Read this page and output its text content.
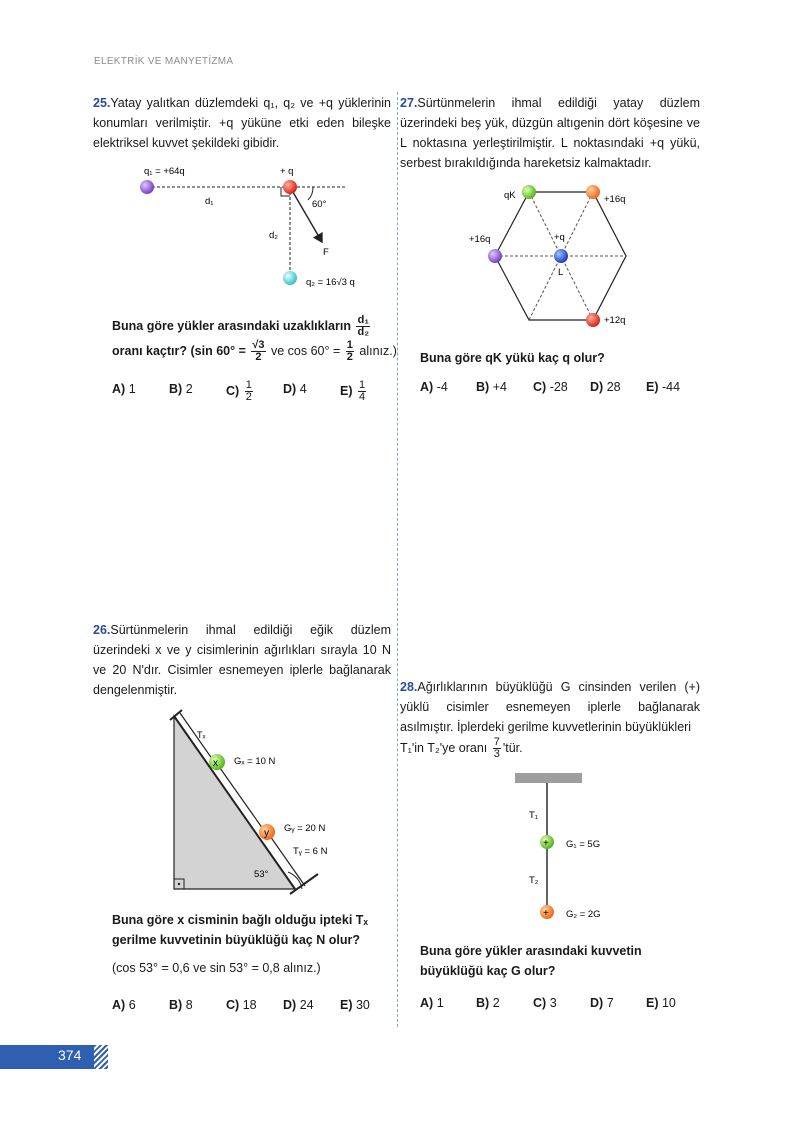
ELEKTRİK VE MANYETİZMA

25.Yatay yalıtkan düzlemdeki q₁, q₂ ve +q yüklerinin konumları verilmiştir. +q yüküne etki eden bileşke elektriksel kuvvet şekildeki gibidir.

q₁ = +64q	+ q
60°
d₁
d₂
F
q₂ = 16√3 q

Buna göre yükler arasındaki uzaklıkların $\frac{\text{d₁}}{\text{d₂}}$

oranı kaçtır? (sin $60^\circ = \frac{√3}{2}$ ve $\cos 60^\circ = \frac{1}{2}$ alınız.)

A) 1	B) 2	$C) \frac{1}{2} D$) 4	$E) \frac{1}{4}$

27.Sürtünmelerin ihmal edildiği yatay düzlem üzerindeki beş yük, düzgün altıgenin dört köşesine ve L noktasına yerleştirilmiştir. L noktasındaki +q yükü, serbest bırakıldığında hareketsiz kalmaktadır.

qK	+16q
+16q	+q
L
+12q

Buna göre qK yükü kaç q olur?

A) -4 B) +4 C) -28 D) 28 E) -44

26.Sürtünmelerin ihmal edildiği eğik düzlem üzerindeki x ve y cisimlerinin ağırlıkları sırayla 10 N ve 20 N'dır. Cisimler esnemeyen iplerle bağlanarak dengelenmiştir.

x
y
Tₓ
Gₓ = 10 N
Gᵧ = 20 N
Tᵧ = 6 N
53°

Buna göre x cisminin bağlı olduğu ipteki Tₓ gerilme kuvvetinin büyüklüğü kaç N olur?

(cos 53° = 0,6 ve sin 53° = 0,8 alınız.)

A) 6	B) 8	C) 18 D) 24 E) 30

28.Ağırlıklarının büyüklüğü G cinsinden verilen (+) yüklü cisimler esnemeyen iplerle bağlanarak asılmıştır. İplerdeki gerilme kuvvetlerinin büyüklükleri

T₁'in T₂'ye oranı $\frac{7}{3}$ 'tür.

+
+
T₁
G₁ = 5G
T₂
G₂ = 2G

Buna göre yükler arasındaki kuvvetin büyüklüğü kaç G olur?

A) 1	B) 2	C) 3	D) 7	E) 10
374
